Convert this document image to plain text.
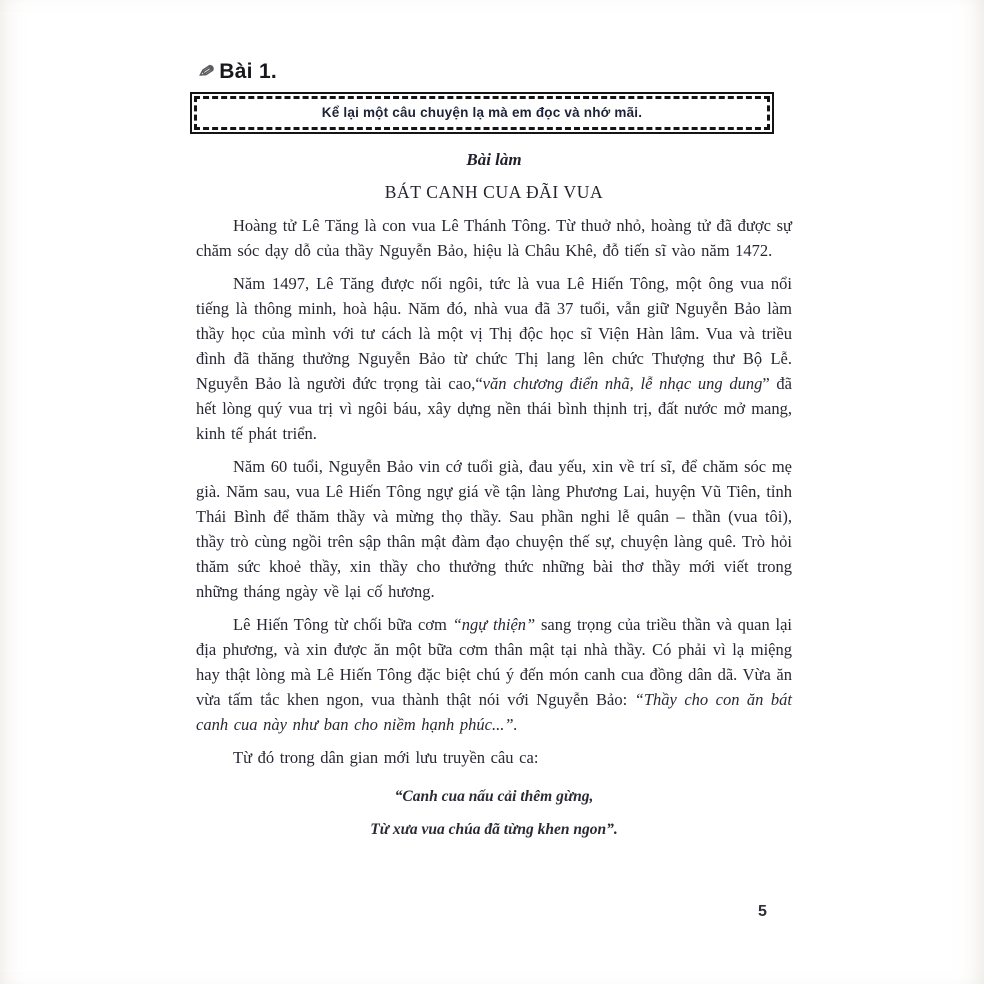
✎ Bài 1.
Kể lại một câu chuyện lạ mà em đọc và nhớ mãi.
Bài làm
BÁT CANH CUA ĐÃI VUA

Hoàng tử Lê Tăng là con vua Lê Thánh Tông. Từ thuở nhỏ, hoàng tử đã được sự chăm sóc dạy dỗ của thầy Nguyễn Bảo, hiệu là Châu Khê, đỗ tiến sĩ vào năm 1472.

Năm 1497, Lê Tăng được nối ngôi, tức là vua Lê Hiến Tông, một ông vua nổi tiếng là thông minh, hoà hậu. Năm đó, nhà vua đã 37 tuổi, vẫn giữ Nguyễn Bảo làm thầy học của mình với tư cách là một vị Thị độc học sĩ Viện Hàn lâm. Vua và triều đình đã thăng thưởng Nguyễn Bảo từ chức Thị lang lên chức Thượng thư Bộ Lễ. Nguyễn Bảo là người đức trọng tài cao,“văn chương điển nhã, lễ nhạc ung dung” đã hết lòng quý vua trị vì ngôi báu, xây dựng nền thái bình thịnh trị, đất nước mở mang, kinh tế phát triển.

Năm 60 tuổi, Nguyễn Bảo vin cớ tuổi già, đau yếu, xin về trí sĩ, để chăm sóc mẹ già. Năm sau, vua Lê Hiến Tông ngự giá về tận làng Phương Lai, huyện Vũ Tiên, tỉnh Thái Bình để thăm thầy và mừng thọ thầy. Sau phần nghi lễ quân – thần (vua tôi), thầy trò cùng ngồi trên sập thân mật đàm đạo chuyện thế sự, chuyện làng quê. Trò hỏi thăm sức khoẻ thầy, xin thầy cho thưởng thức những bài thơ thầy mới viết trong những tháng ngày về lại cố hương.

Lê Hiến Tông từ chối bữa cơm “ngự thiện” sang trọng của triều thần và quan lại địa phương, và xin được ăn một bữa cơm thân mật tại nhà thầy. Có phải vì lạ miệng hay thật lòng mà Lê Hiến Tông đặc biệt chú ý đến món canh cua đồng dân dã. Vừa ăn vừa tấm tắc khen ngon, vua thành thật nói với Nguyễn Bảo: “Thầy cho con ăn bát canh cua này như ban cho niềm hạnh phúc...”.

Từ đó trong dân gian mới lưu truyền câu ca:

“Canh cua nấu cải thêm gừng,
Từ xưa vua chúa đã từng khen ngon”.
5
